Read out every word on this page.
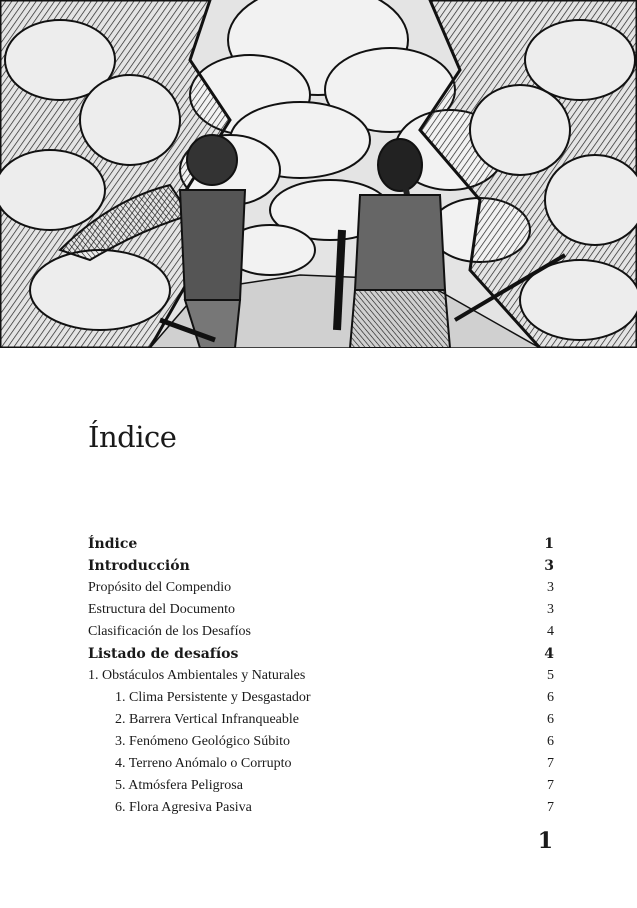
Índice
Índice	1
Introducción	3
Propósito del Compendio	3
Estructura del Documento	3
Clasificación de los Desafíos	4
Listado de desafíos	4
1. Obstáculos Ambientales y Naturales	5
1. Clima Persistente y Desgastador	6
2. Barrera Vertical Infranqueable	6
3. Fenómeno Geológico Súbito	6
4. Terreno Anómalo o Corrupto	7
5. Atmósfera Peligrosa	7
6. Flora Agresiva Pasiva	7
1
